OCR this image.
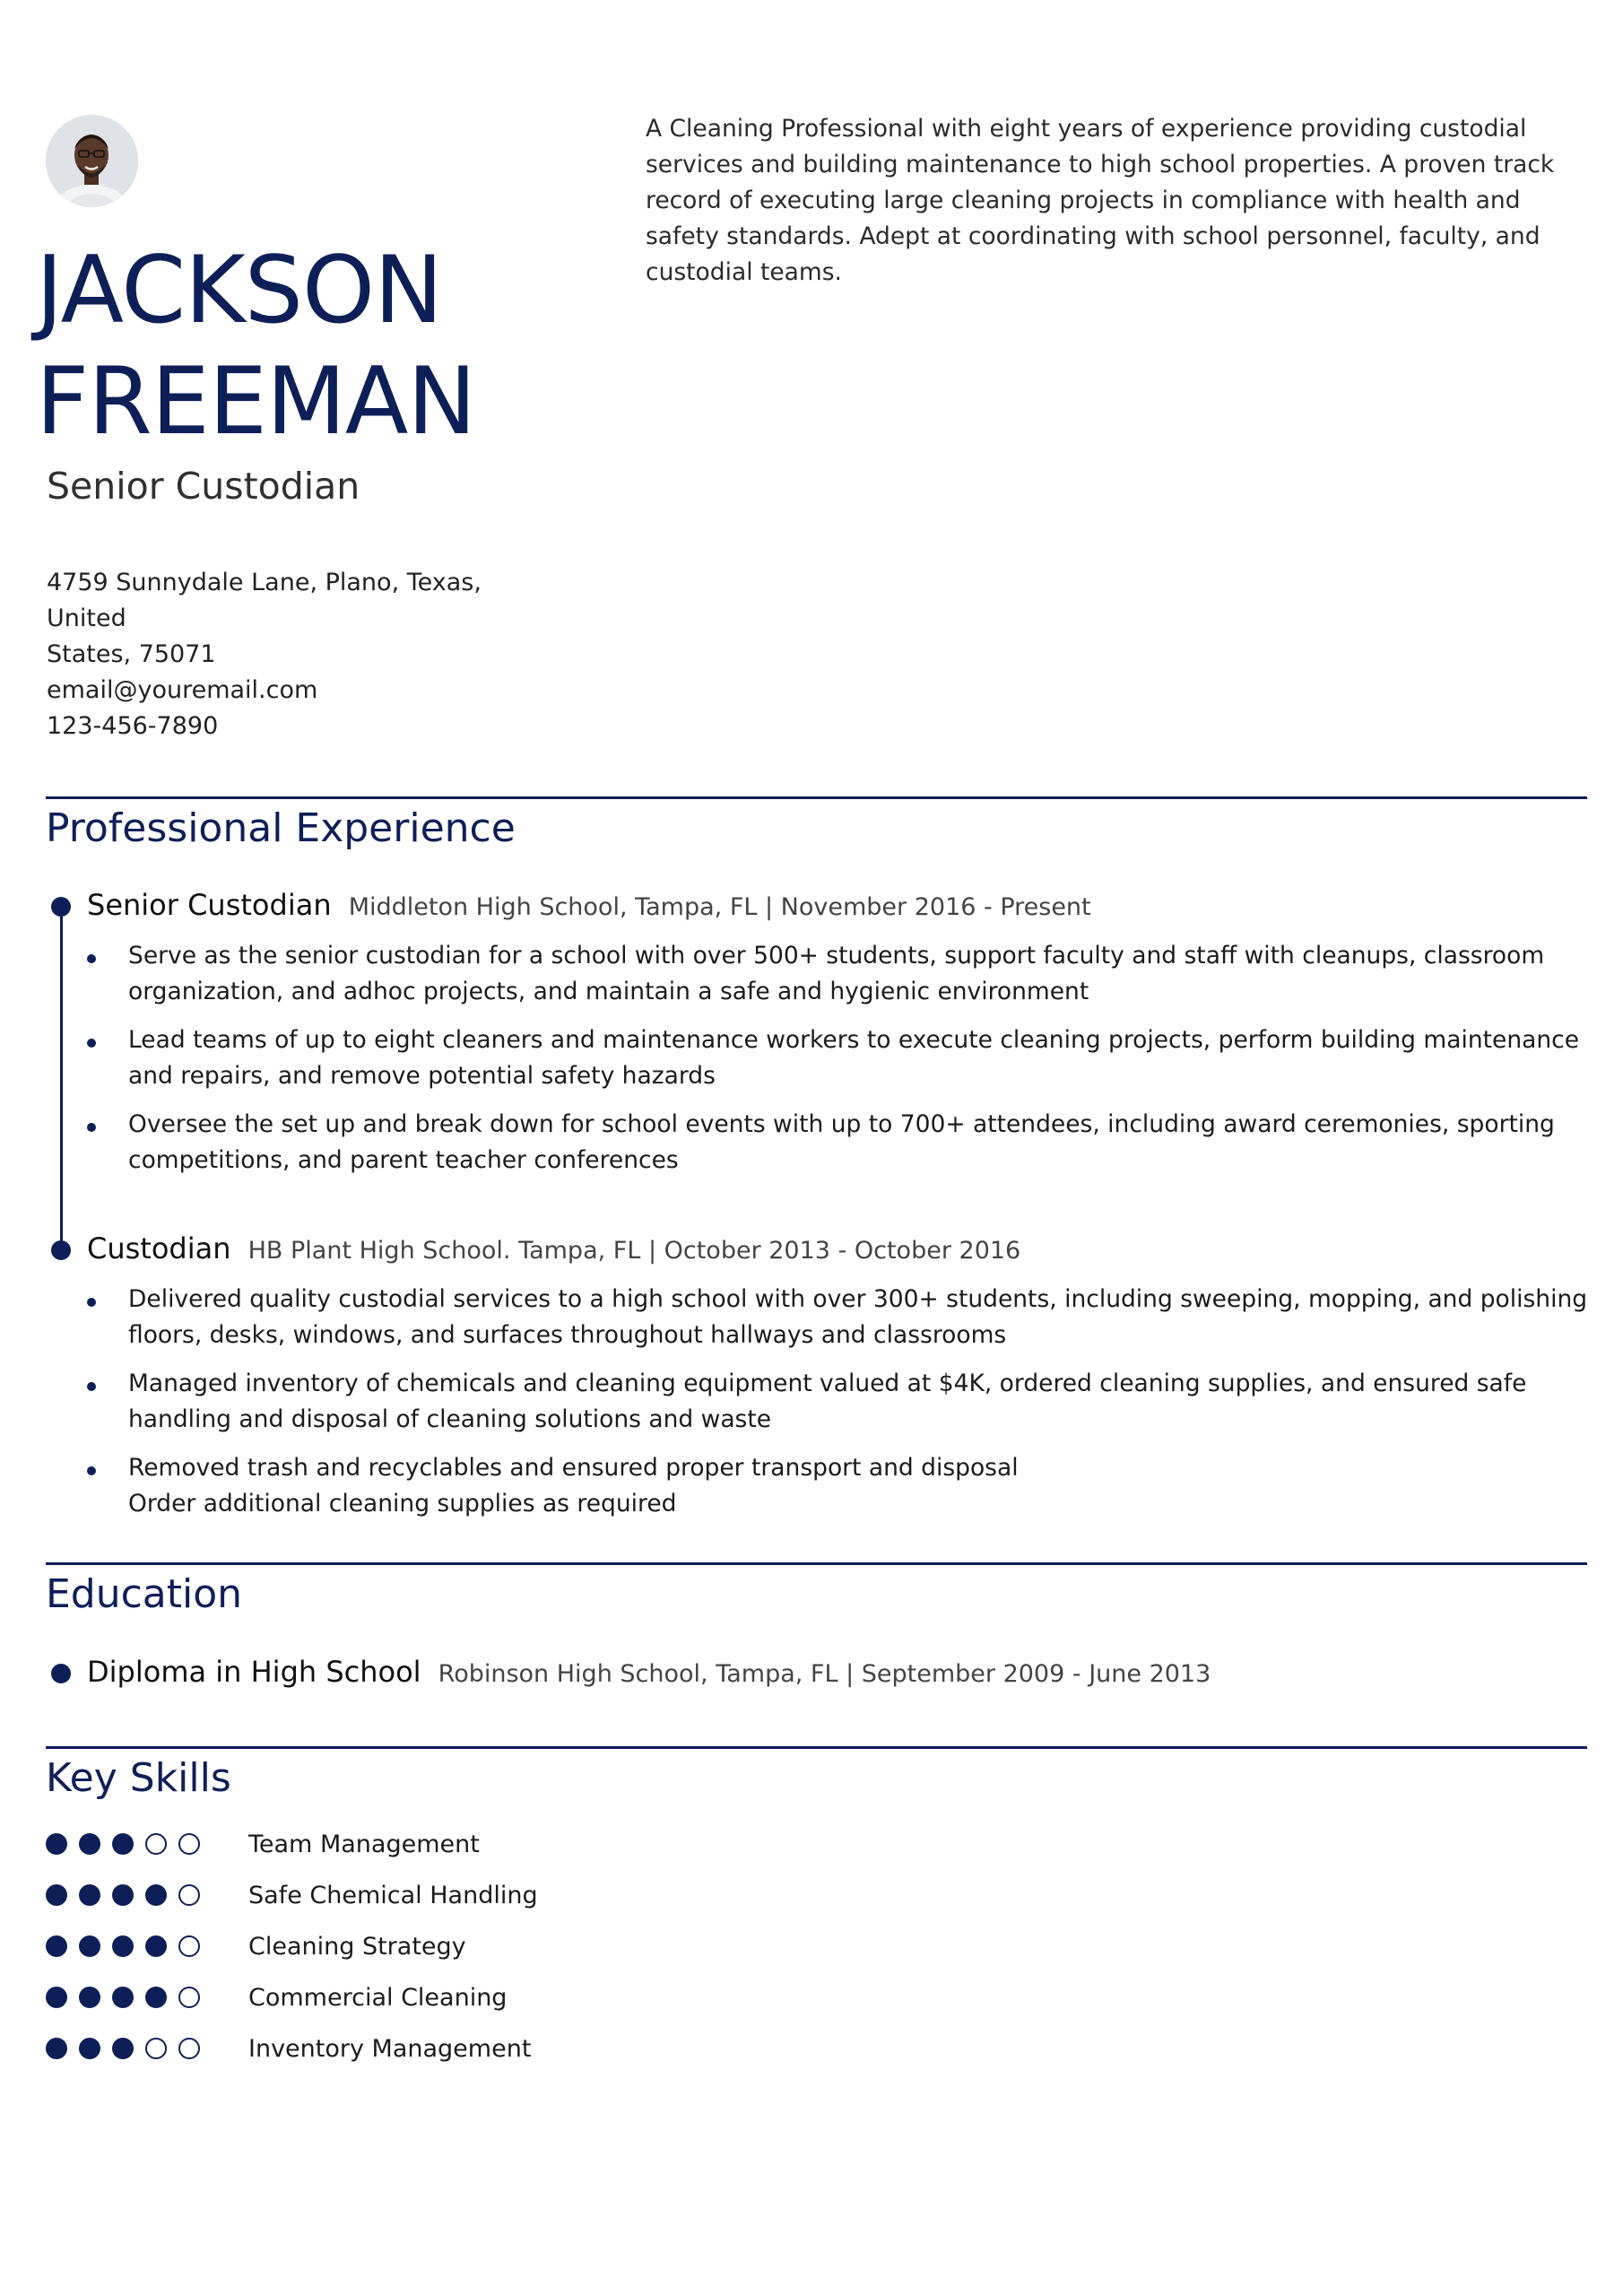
JACKSON
FREEMAN
Senior Custodian
4759 Sunnydale Lane, Plano, Texas, United
States, 75071
email@youremail.com
123-456-7890
A Cleaning Professional with eight years of experience providing custodial services and building maintenance to high school properties. A proven track record of executing large cleaning projects in compliance with health and safety standards. Adept at coordinating with school personnel, faculty, and custodial teams.
Professional Experience
Senior Custodian Middleton High School, Tampa, FL | November 2016 - Present
Serve as the senior custodian for a school with over 500+ students, support faculty and staff with cleanups, classroom organization, and adhoc projects, and maintain a safe and hygienic environment
Lead teams of up to eight cleaners and maintenance workers to execute cleaning projects, perform building maintenance and repairs, and remove potential safety hazards
Oversee the set up and break down for school events with up to 700+ attendees, including award ceremonies, sporting competitions, and parent teacher conferences
Custodian HB Plant High School. Tampa, FL | October 2013 - October 2016
Delivered quality custodial services to a high school with over 300+ students, including sweeping, mopping, and polishing floors, desks, windows, and surfaces throughout hallways and classrooms
Managed inventory of chemicals and cleaning equipment valued at $4K, ordered cleaning supplies, and ensured safe handling and disposal of cleaning solutions and waste
Removed trash and recyclables and ensured proper transport and disposal
Order additional cleaning supplies as required
Education
Diploma in High School Robinson High School, Tampa, FL | September 2009 - June 2013
Key Skills
Team Management
Safe Chemical Handling
Cleaning Strategy
Commercial Cleaning
Inventory Management
